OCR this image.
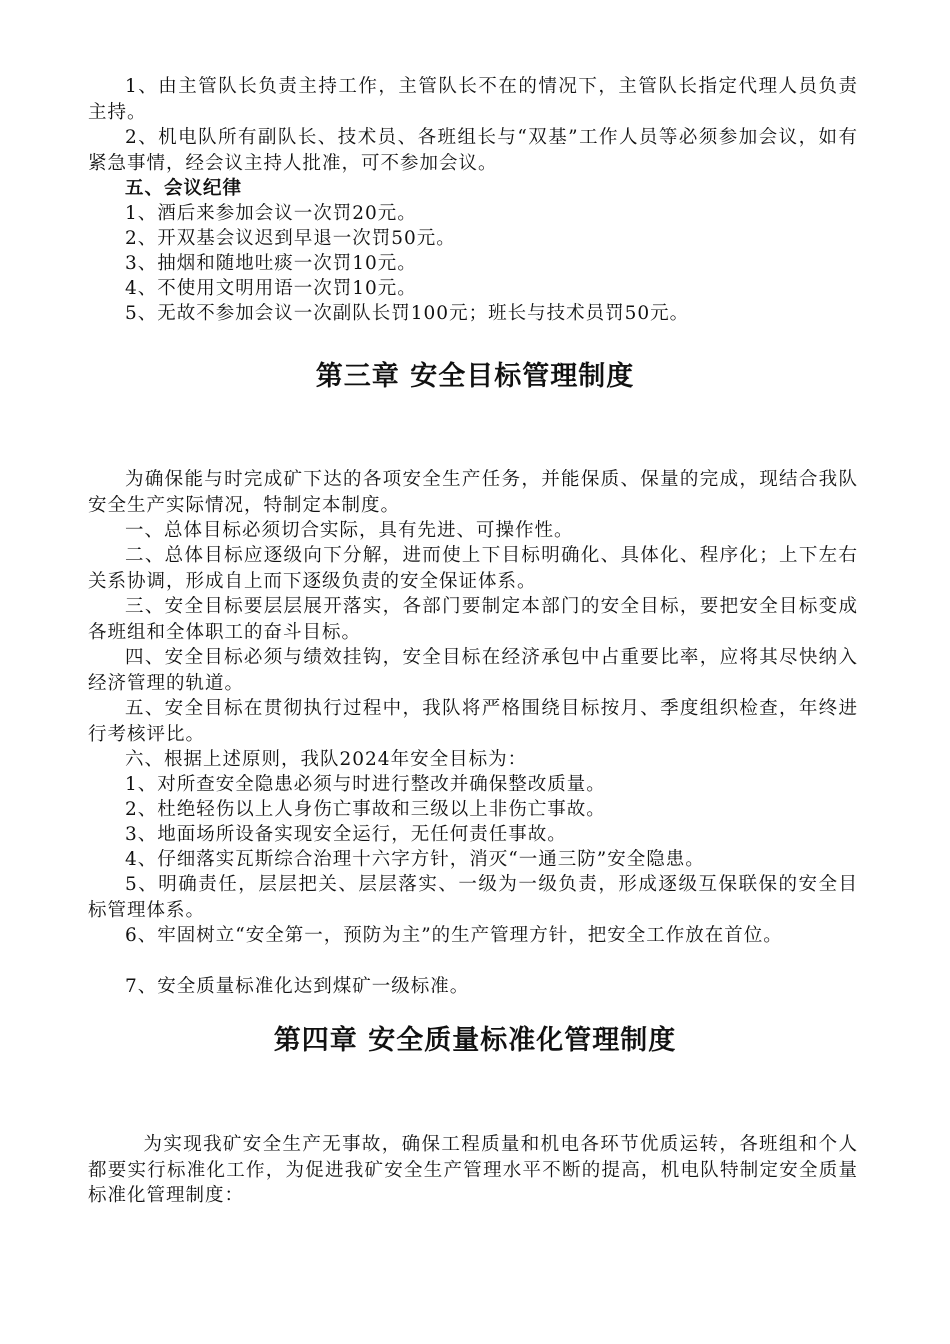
1、由主管队长负责主持工作，主管队长不在的情况下，主管队长指定代理人员负责主持。

2、机电队所有副队长、技术员、各班组长与“双基”工作人员等必须参加会议，如有紧急事情，经会议主持人批准，可不参加会议。

五、会议纪律

1、酒后来参加会议一次罚20元。

2、开双基会议迟到早退一次罚50元。

3、抽烟和随地吐痰一次罚10元。

4、不使用文明用语一次罚10元。

5、无故不参加会议一次副队长罚100元；班长与技术员罚50元。

第三章 安全目标管理制度

为确保能与时完成矿下达的各项安全生产任务，并能保质、保量的完成，现结合我队安全生产实际情况，特制定本制度。

一、总体目标必须切合实际，具有先进、可操作性。

二、总体目标应逐级向下分解，进而使上下目标明确化、具体化、程序化；上下左右关系协调，形成自上而下逐级负责的安全保证体系。

三、安全目标要层层展开落实，各部门要制定本部门的安全目标，要把安全目标变成各班组和全体职工的奋斗目标。

四、安全目标必须与绩效挂钩，安全目标在经济承包中占重要比率，应将其尽快纳入经济管理的轨道。

五、安全目标在贯彻执行过程中，我队将严格围绕目标按月、季度组织检查，年终进行考核评比。

六、根据上述原则，我队2024年安全目标为：

1、对所查安全隐患必须与时进行整改并确保整改质量。

2、杜绝轻伤以上人身伤亡事故和三级以上非伤亡事故。

3、地面场所设备实现安全运行，无任何责任事故。

4、仔细落实瓦斯综合治理十六字方针，消灭“一通三防”安全隐患。

5、明确责任，层层把关、层层落实、一级为一级负责，形成逐级互保联保的安全目标管理体系。

6、牢固树立“安全第一，预防为主”的生产管理方针，把安全工作放在首位。

7、安全质量标准化达到煤矿一级标准。

第四章 安全质量标准化管理制度

为实现我矿安全生产无事故，确保工程质量和机电各环节优质运转，各班组和个人都要实行标准化工作，为促进我矿安全生产管理水平不断的提高，机电队特制定安全质量标准化管理制度：
